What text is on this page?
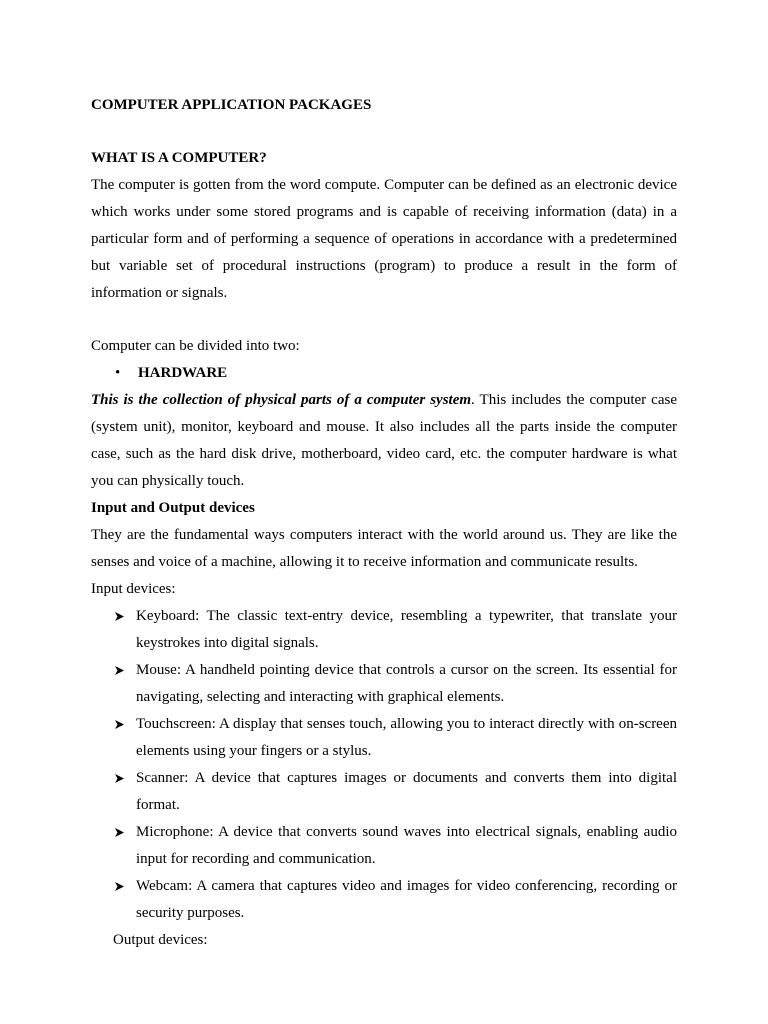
COMPUTER APPLICATION PACKAGES
WHAT IS A COMPUTER?

The computer is gotten from the word compute. Computer can be defined as an electronic device which works under some stored programs and is capable of receiving information (data) in a particular form and of performing a sequence of operations in accordance with a predetermined but variable set of procedural instructions (program) to produce a result in the form of information or signals.

Computer can be divided into two:

•	HARDWARE

This is the collection of physical parts of a computer system. This includes the computer case (system unit), monitor, keyboard and mouse. It also includes all the parts inside the computer case, such as the hard disk drive, motherboard, video card, etc. the computer hardware is what you can physically touch.

Input and Output devices

They are the fundamental ways computers interact with the world around us. They are like the senses and voice of a machine, allowing it to receive information and communicate results.

Input devices:

Keyboard: The classic text-entry device, resembling a typewriter, that translate your keystrokes into digital signals.
Mouse: A handheld pointing device that controls a cursor on the screen. Its essential for navigating, selecting and interacting with graphical elements.
Touchscreen: A display that senses touch, allowing you to interact directly with on-screen elements using your fingers or a stylus.
Scanner: A device that captures images or documents and converts them into digital format.
Microphone: A device that converts sound waves into electrical signals, enabling audio input for recording and communication.
Webcam: A camera that captures video and images for video conferencing, recording or security purposes.

Output devices:
